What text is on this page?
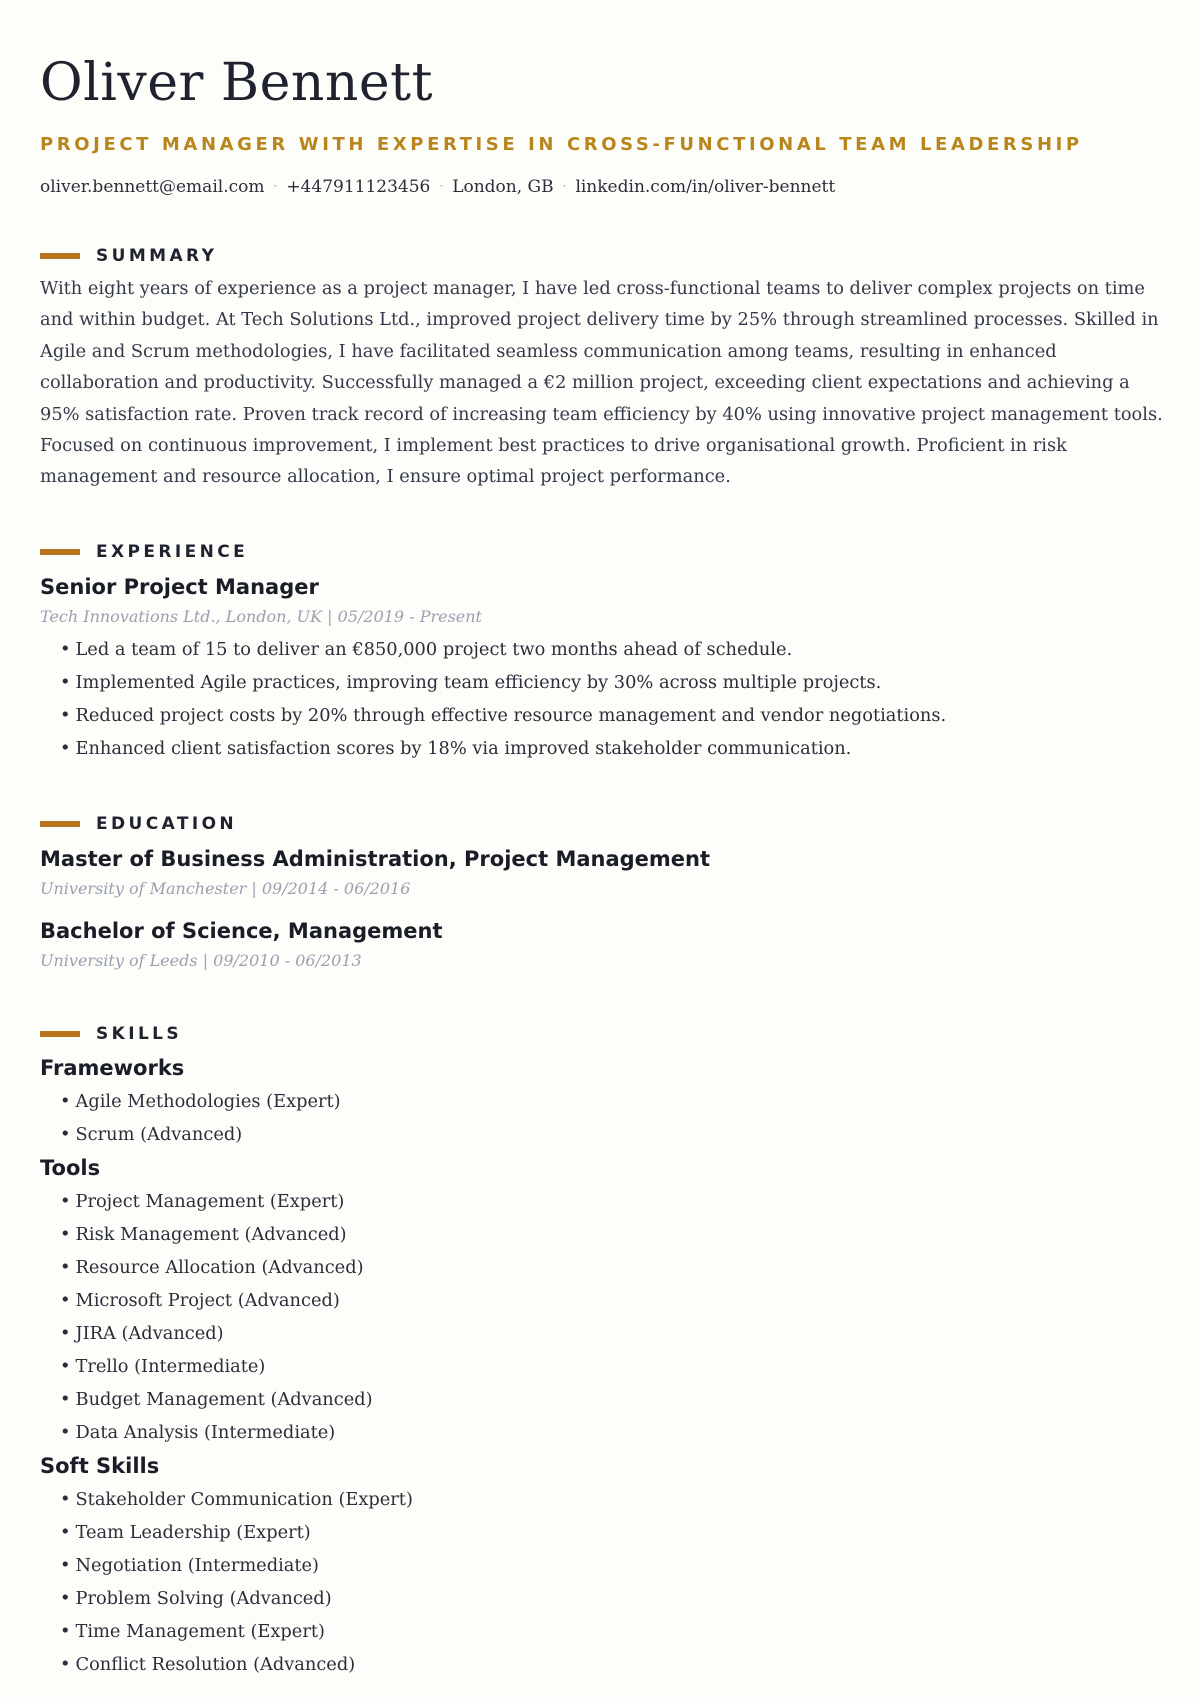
Oliver Bennett
PROJECT MANAGER WITH EXPERTISE IN CROSS-FUNCTIONAL TEAM LEADERSHIP
oliver.bennett@email.com · +447911123456 · London, GB · linkedin.com/in/oliver-bennett
SUMMARY
With eight years of experience as a project manager, I have led cross-functional teams to deliver complex projects on time and within budget. At Tech Solutions Ltd., improved project delivery time by 25% through streamlined processes. Skilled in Agile and Scrum methodologies, I have facilitated seamless communication among teams, resulting in enhanced collaboration and productivity. Successfully managed a €2 million project, exceeding client expectations and achieving a 95% satisfaction rate. Proven track record of increasing team efficiency by 40% using innovative project management tools. Focused on continuous improvement, I implement best practices to drive organisational growth. Proficient in risk management and resource allocation, I ensure optimal project performance.
EXPERIENCE
Senior Project Manager
Tech Innovations Ltd., London, UK | 05/2019 - Present
• Led a team of 15 to deliver an €850,000 project two months ahead of schedule.
• Implemented Agile practices, improving team efficiency by 30% across multiple projects.
• Reduced project costs by 20% through effective resource management and vendor negotiations.
• Enhanced client satisfaction scores by 18% via improved stakeholder communication.
EDUCATION
Master of Business Administration, Project Management
University of Manchester | 09/2014 - 06/2016
Bachelor of Science, Management
University of Leeds | 09/2010 - 06/2013
SKILLS
Frameworks
• Agile Methodologies (Expert)
• Scrum (Advanced)
Tools
• Project Management (Expert)
• Risk Management (Advanced)
• Resource Allocation (Advanced)
• Microsoft Project (Advanced)
• JIRA (Advanced)
• Trello (Intermediate)
• Budget Management (Advanced)
• Data Analysis (Intermediate)
Soft Skills
• Stakeholder Communication (Expert)
• Team Leadership (Expert)
• Negotiation (Intermediate)
• Problem Solving (Advanced)
• Time Management (Expert)
• Conflict Resolution (Advanced)
